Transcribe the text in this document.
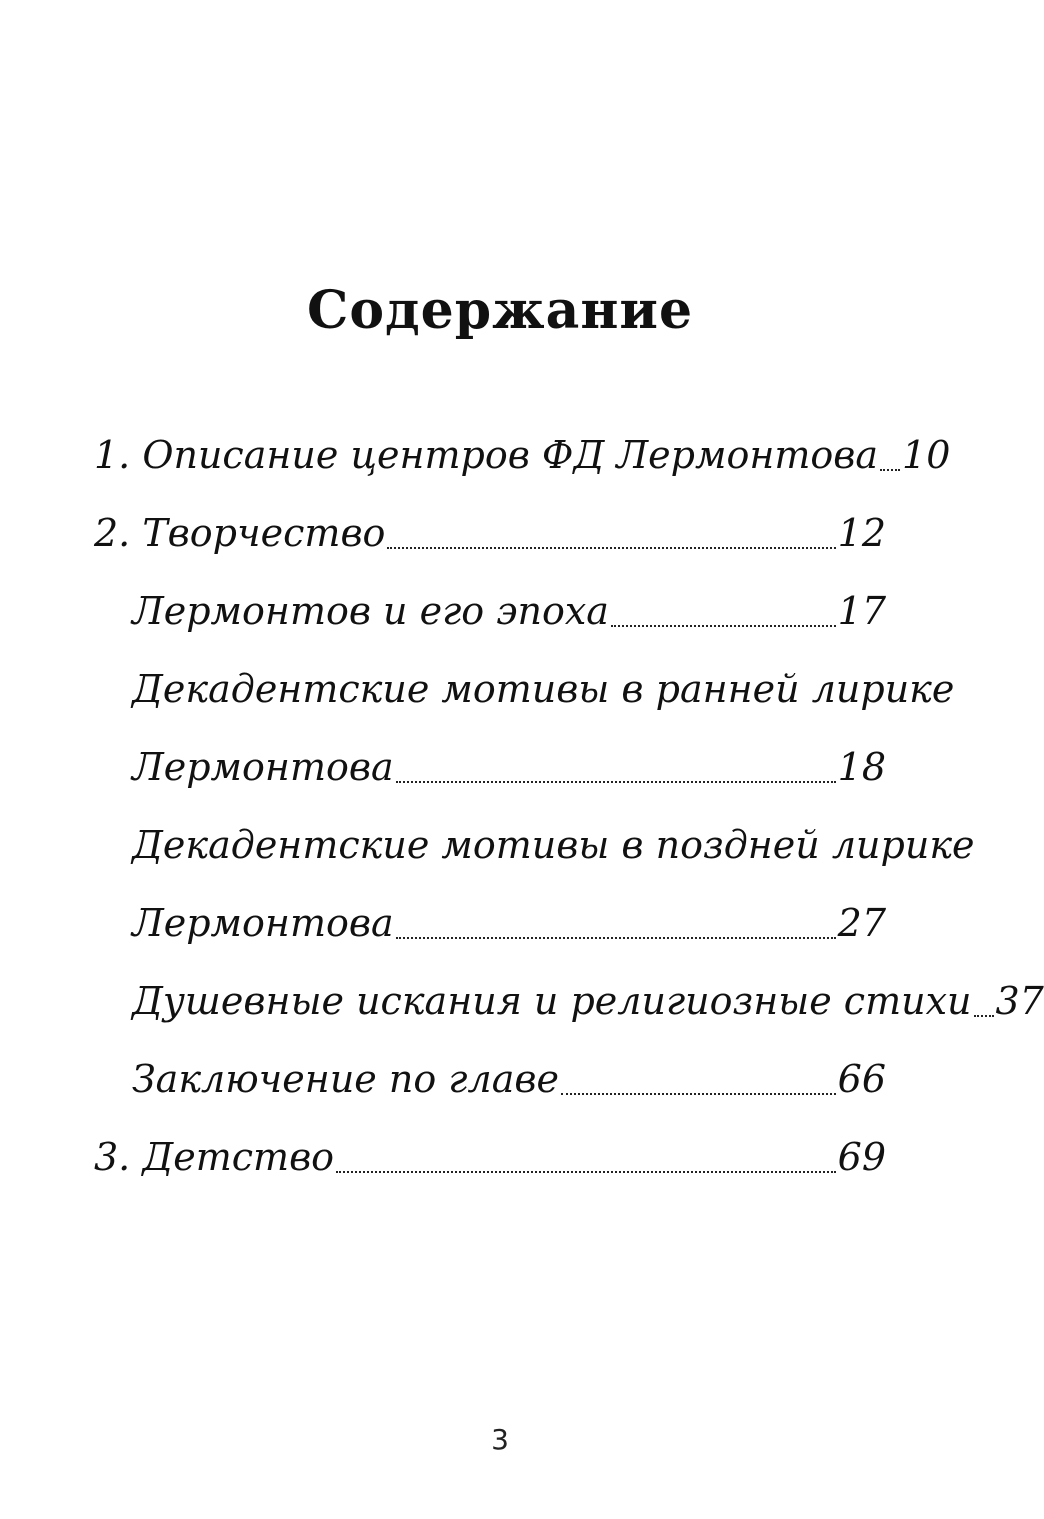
Содержание
1. Описание центров ФД Лермонтова 10
2. Творчество	12
Лермонтов и его эпоха	17
Декадентские мотивы в ранней лирике
Лермонтова	18
Декадентские мотивы в поздней лирике
Лермонтова	27
Душевные искания и религиозные стихи 37
Заключение по главе	66
3. Детство	69
3
